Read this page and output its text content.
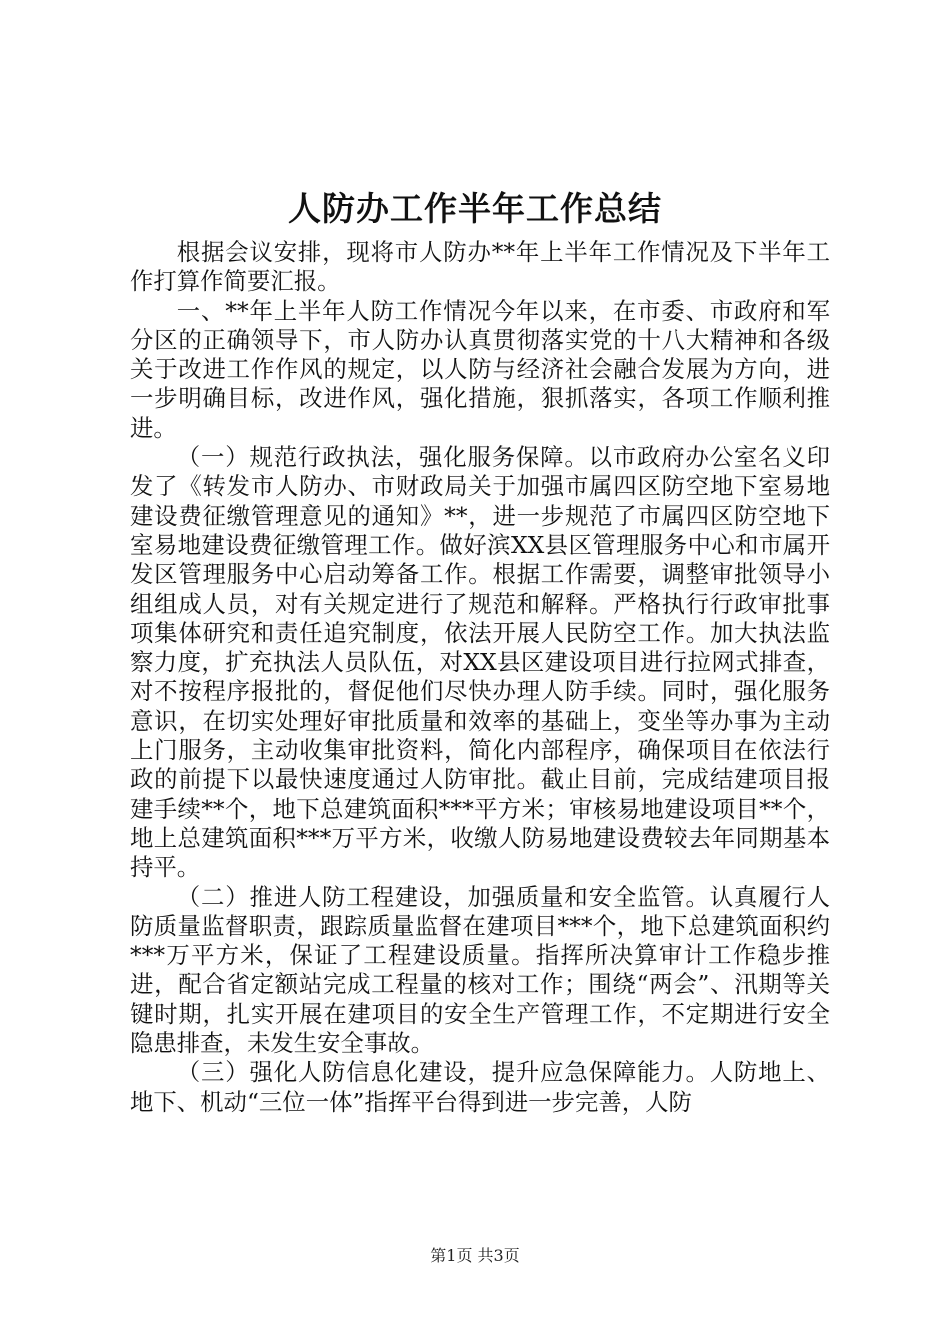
人防办工作半年工作总结

根据会议安排，现将市人防办**年上半年工作情况及下半年工作打算作简要汇报。

一、**年上半年人防工作情况今年以来，在市委、市政府和军分区的正确领导下，市人防办认真贯彻落实党的十八大精神和各级关于改进工作作风的规定，以人防与经济社会融合发展为方向，进一步明确目标，改进作风，强化措施，狠抓落实，各项工作顺利推进。

（一）规范行政执法，强化服务保障。以市政府办公室名义印发了《转发市人防办、市财政局关于加强市属四区防空地下室易地建设费征缴管理意见的通知》**，进一步规范了市属四区防空地下室易地建设费征缴管理工作。做好滨XX县区管理服务中心和市属开发区管理服务中心启动筹备工作。根据工作需要，调整审批领导小组组成人员，对有关规定进行了规范和解释。严格执行行政审批事项集体研究和责任追究制度，依法开展人民防空工作。加大执法监察力度，扩充执法人员队伍，对XX县区建设项目进行拉网式排查，对不按程序报批的，督促他们尽快办理人防手续。同时，强化服务意识，在切实处理好审批质量和效率的基础上，变坐等办事为主动上门服务，主动收集审批资料，简化内部程序，确保项目在依法行政的前提下以最快速度通过人防审批。截止目前，完成结建项目报建手续**个，地下总建筑面积***平方米；审核易地建设项目**个，地上总建筑面积***万平方米，收缴人防易地建设费较去年同期基本持平。

（二）推进人防工程建设，加强质量和安全监管。认真履行人防质量监督职责，跟踪质量监督在建项目***个，地下总建筑面积约***万平方米，保证了工程建设质量。指挥所决算审计工作稳步推进，配合省定额站完成工程量的核对工作；围绕“两会”、汛期等关键时期，扎实开展在建项目的安全生产管理工作，不定期进行安全隐患排查，未发生安全事故。

（三）强化人防信息化建设，提升应急保障能力。人防地上、地下、机动“三位一体”指挥平台得到进一步完善，人防

第1页 共3页
